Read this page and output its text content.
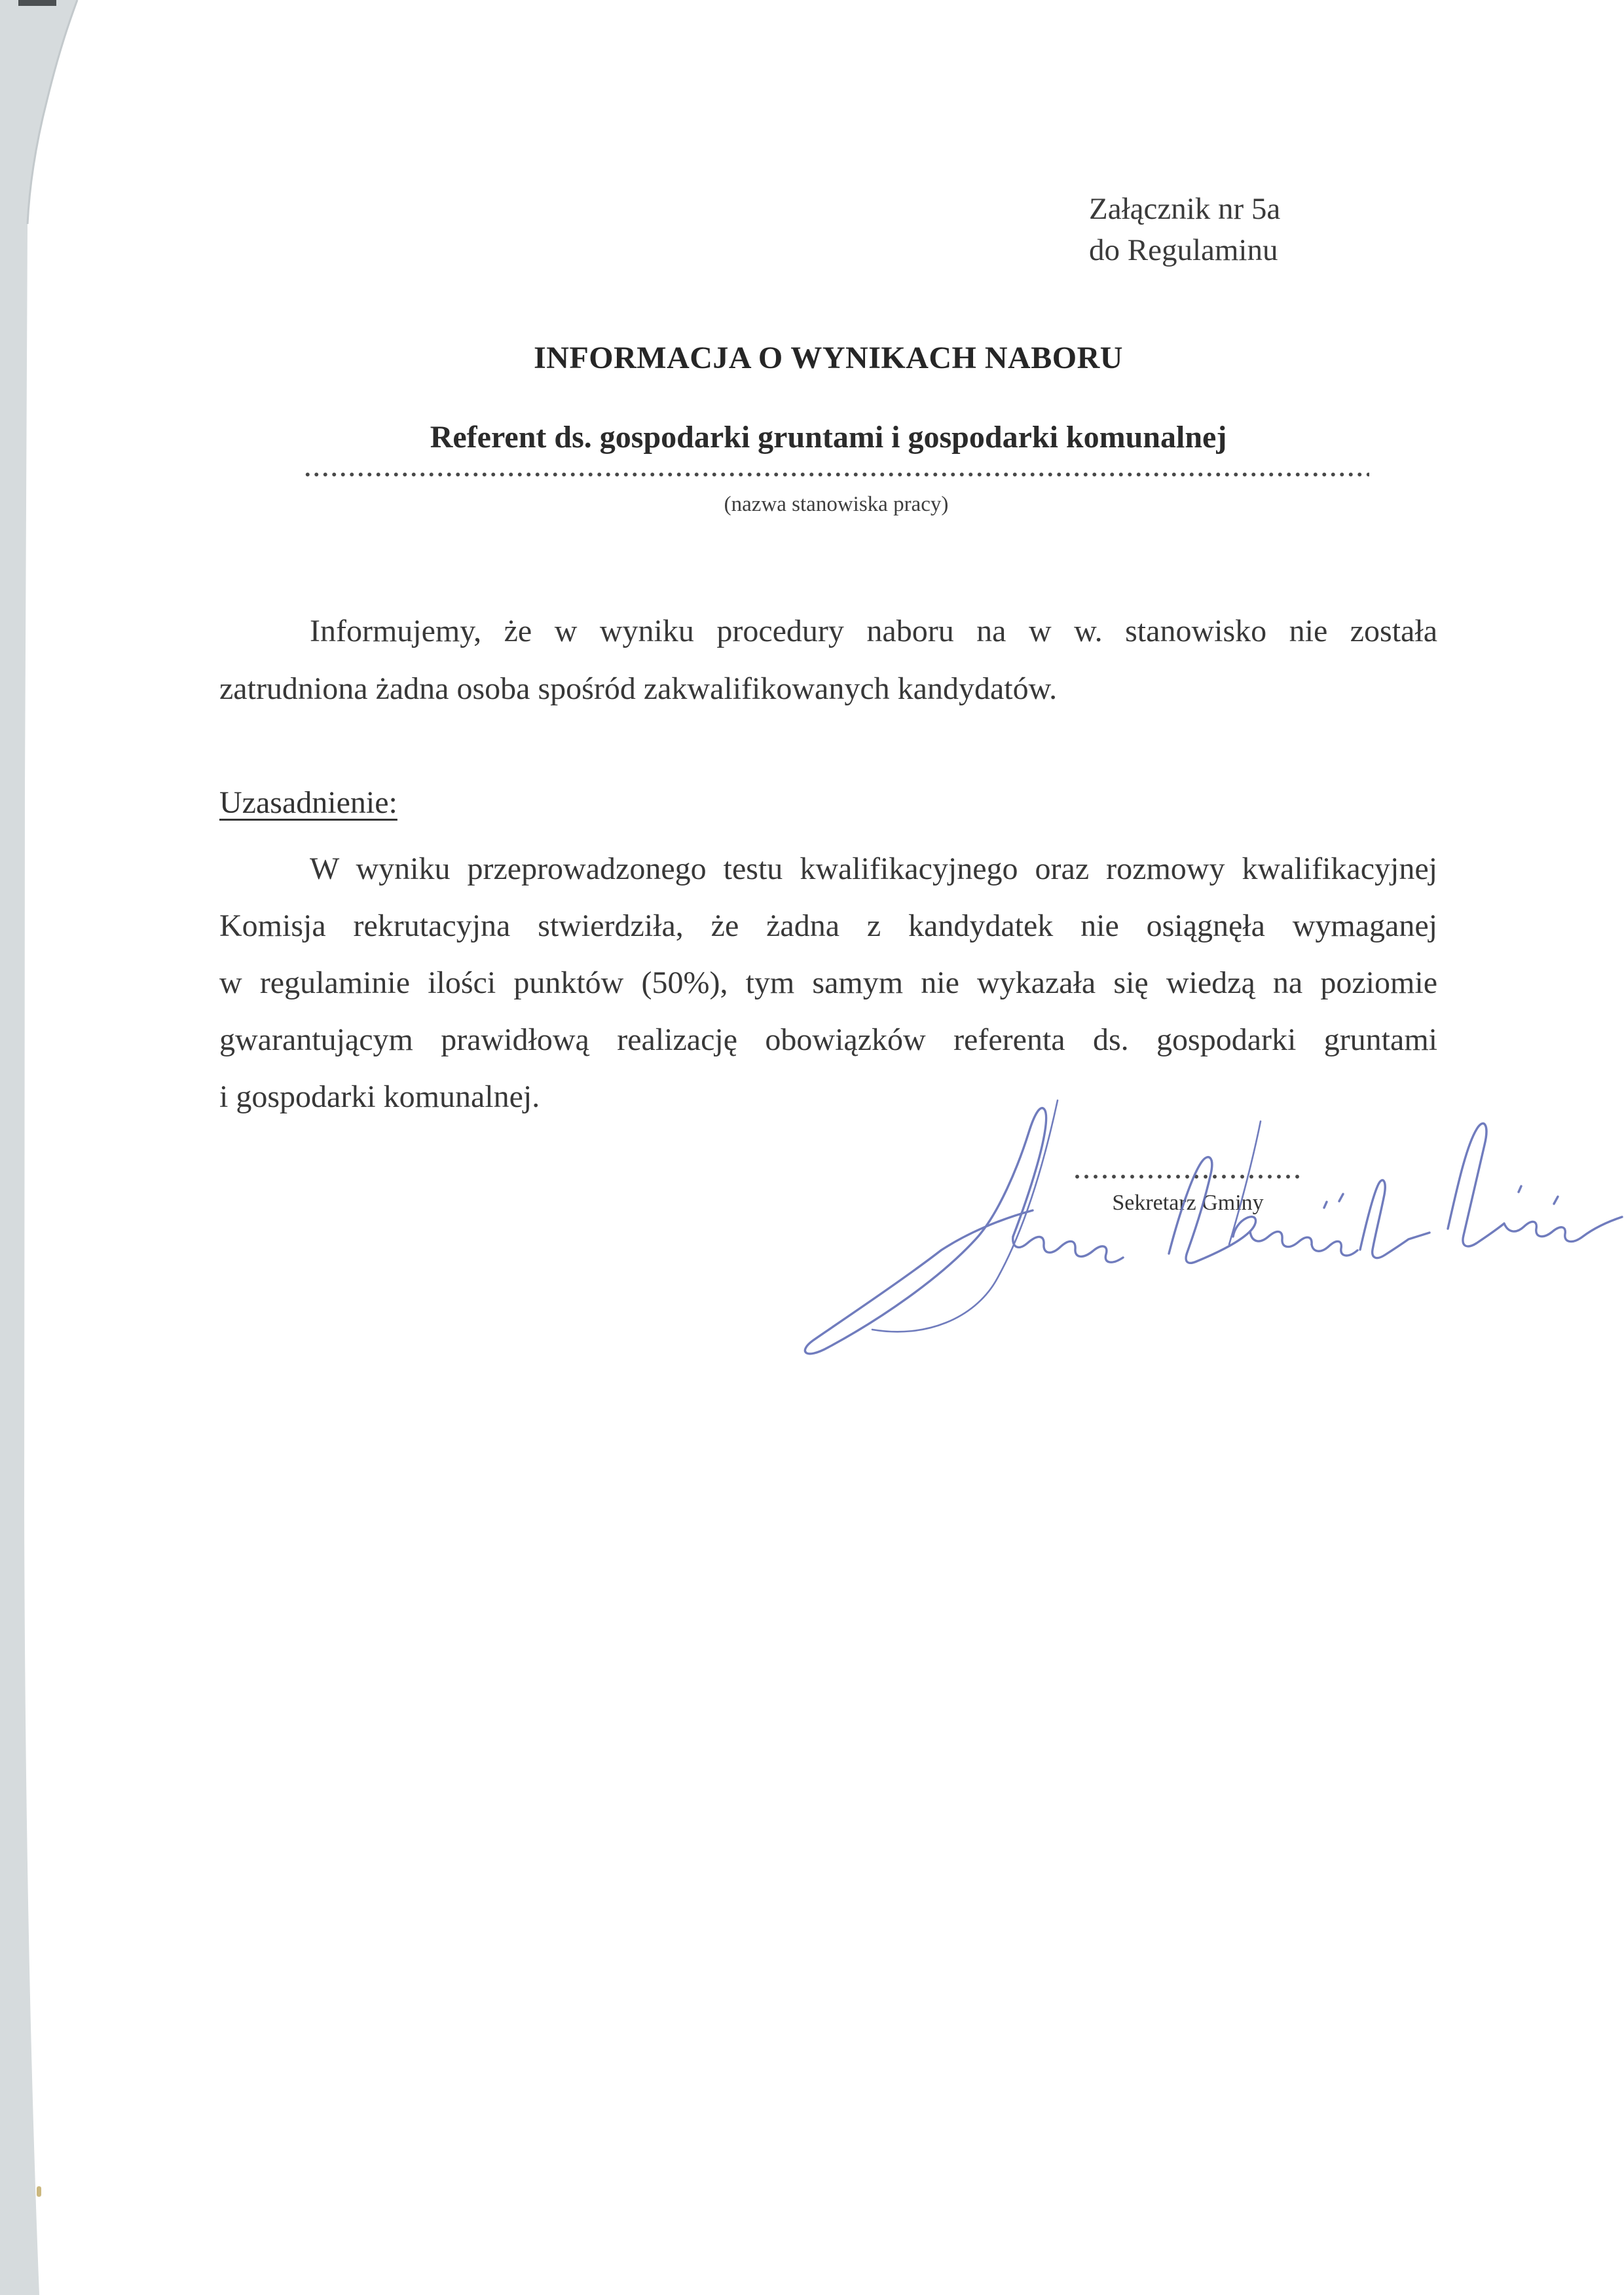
Załącznik nr 5a
do Regulaminu
INFORMACJA O WYNIKACH NABORU
Referent ds. gospodarki gruntami i gospodarki komunalnej
(nazwa stanowiska pracy)
Informujemy, że w wyniku procedury naboru na w w. stanowisko nie została
zatrudniona żadna osoba spośród zakwalifikowanych kandydatów.
Uzasadnienie:
W wyniku przeprowadzonego testu kwalifikacyjnego oraz rozmowy kwalifikacyjnej
Komisja rekrutacyjna stwierdziła, że żadna z kandydatek nie osiągnęła wymaganej
w regulaminie ilości punktów (50%), tym samym nie wykazała się wiedzą na poziomie
gwarantującym prawidłową realizację obowiązków referenta ds. gospodarki gruntami
i gospodarki komunalnej.
Sekretarz Gminy
